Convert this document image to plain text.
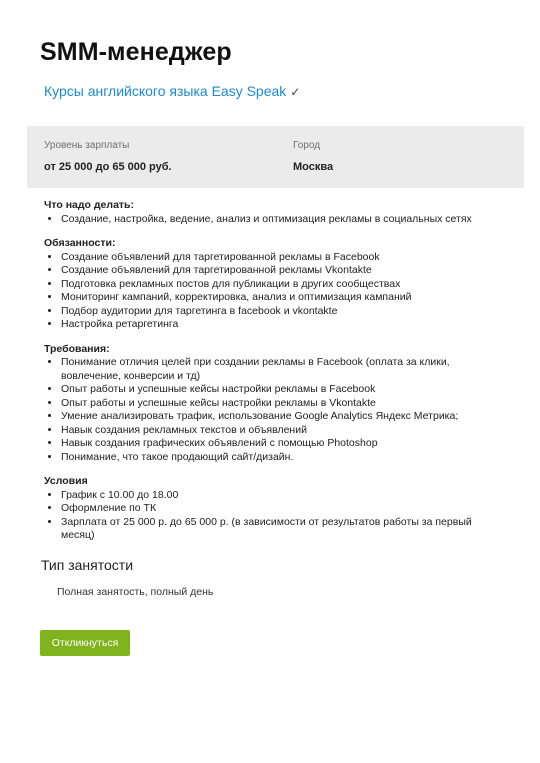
SMM-менеджер
Курсы английского языка Easy Speak ✓
Уровень зарплаты
от 25 000 до 65 000 руб.
Город
Москва
Что надо делать:
• Создание, настройка, ведение, анализ и оптимизация рекламы в социальных сетях
Обязанности:
• Создание объявлений для таргетированной рекламы в Facebook
• Создание объявлений для таргетированной рекламы Vkontakte
• Подготовка рекламных постов для публикации в других сообществах
• Мониторинг кампаний, корректировка, анализ и оптимизация кампаний
• Подбор аудитории для таргетинга в facebook и vkontakte
• Настройка ретаргетинга
Требования:
• Понимание отличия целей при создании рекламы в Facebook (оплата за клики, вовлечение, конверсии и тд)
• Опыт работы и успешные кейсы настройки рекламы в Facebook
• Опыт работы и успешные кейсы настройки рекламы в Vkontakte
• Умение анализировать трафик, использование Google Analytics Яндекс Метрика;
• Навык создания рекламных текстов и объявлений
• Навык создания графических объявлений с помощью Photoshop
• Понимание, что такое продающий сайт/дизайн.
Условия
• График с 10.00 до 18.00
• Оформление по ТК
• Зарплата от 25 000 р. до 65 000 р. (в зависимости от результатов работы за первый месяц)
Тип занятости
Полная занятость, полный день
Откликнуться
